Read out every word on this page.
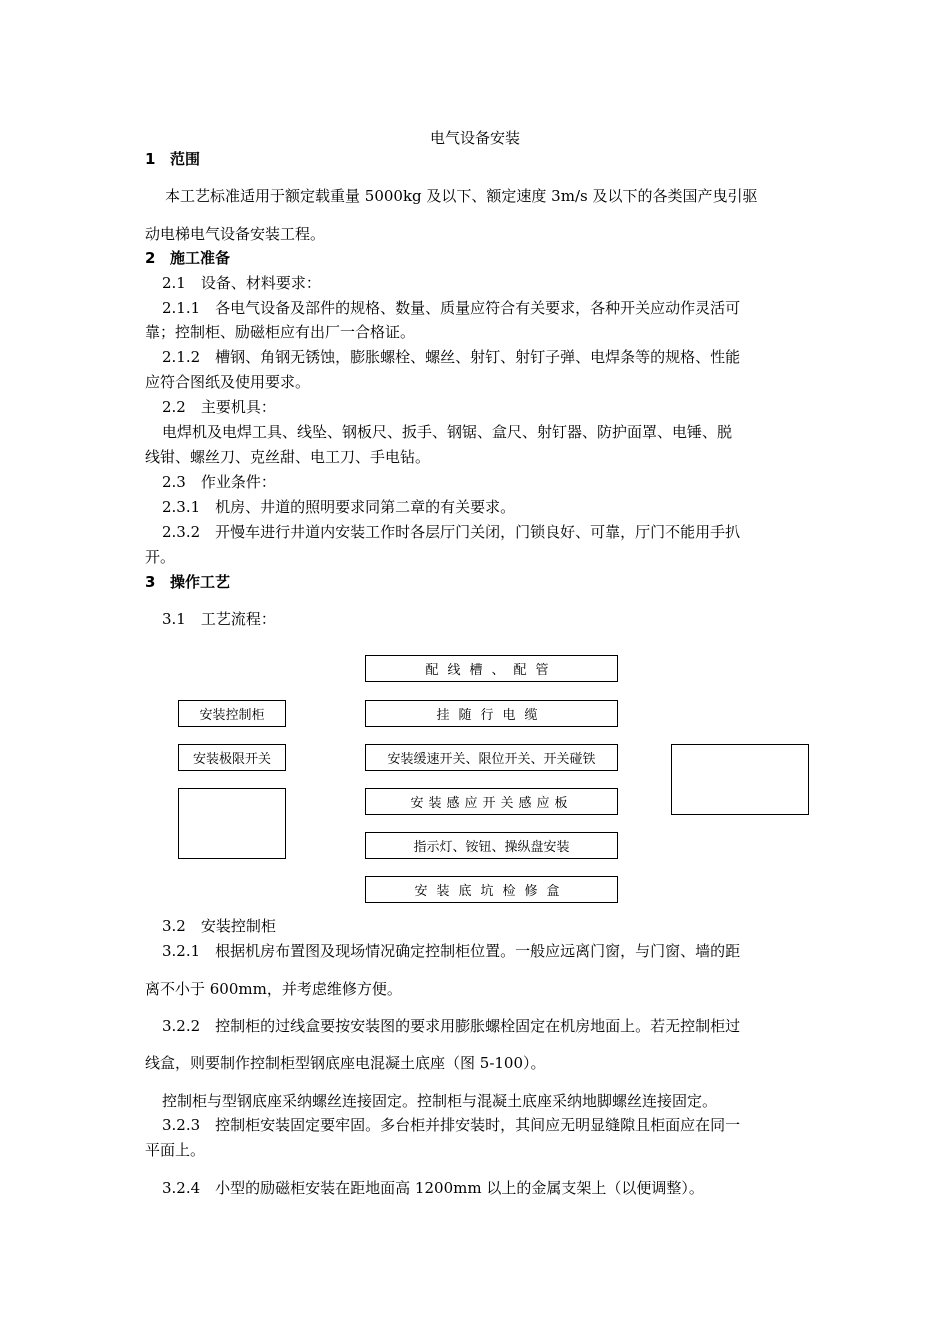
电气设备安装
1 范围
本工艺标准适用于额定载重量 5000kg 及以下、额定速度 3m/s 及以下的各类国产曳引驱
动电梯电气设备安装工程。
2 施工准备
2.1　设备、材料要求：
2.1.1　各电气设备及部件的规格、数量、质量应符合有关要求，各种开关应动作灵活可
靠；控制柜、励磁柜应有出厂一合格证。
2.1.2　槽钢、角钢无锈蚀，膨胀螺栓、螺丝、射钉、射钉子弹、电焊条等的规格、性能
应符合图纸及使用要求。
2.2　主要机具：
电焊机及电焊工具、线坠、钢板尺、扳手、钢锯、盒尺、射钉器、防护面罩、电锤、脱
线钳、螺丝刀、克丝甜、电工刀、手电钻。
2.3　作业条件：
2.3.1　机房、井道的照明要求同第二章的有关要求。
2.3.2　开慢车进行井道内安装工作时各层厅门关闭，门锁良好、可靠，厅门不能用手扒
开。
3 操作工艺
3.1　工艺流程：
配线槽、配管
挂随行电缆
安装缓速开关、限位开关、开关碰铁
安装感应开关感应板
指示灯、铵钮、操纵盘安装
安装底坑检修盒
安装控制柜
安装极限开关
3.2　安装控制柜
3.2.1　根据机房布置图及现场情况确定控制柜位置。一般应远离门窗，与门窗、墙的距
离不小于 600mm，并考虑维修方便。
3.2.2　控制柜的过线盒要按安装图的要求用膨胀螺栓固定在机房地面上。若无控制柜过
线盒，则要制作控制柜型钢底座电混凝土底座（图 5-100）。
控制柜与型钢底座采纳螺丝连接固定。控制柜与混凝土底座采纳地脚螺丝连接固定。
3.2.3　控制柜安装固定要牢固。多台柜并排安装时，其间应无明显缝隙且柜面应在同一
平面上。
3.2.4　小型的励磁柜安装在距地面高 1200mm 以上的金属支架上（以便调整）。
